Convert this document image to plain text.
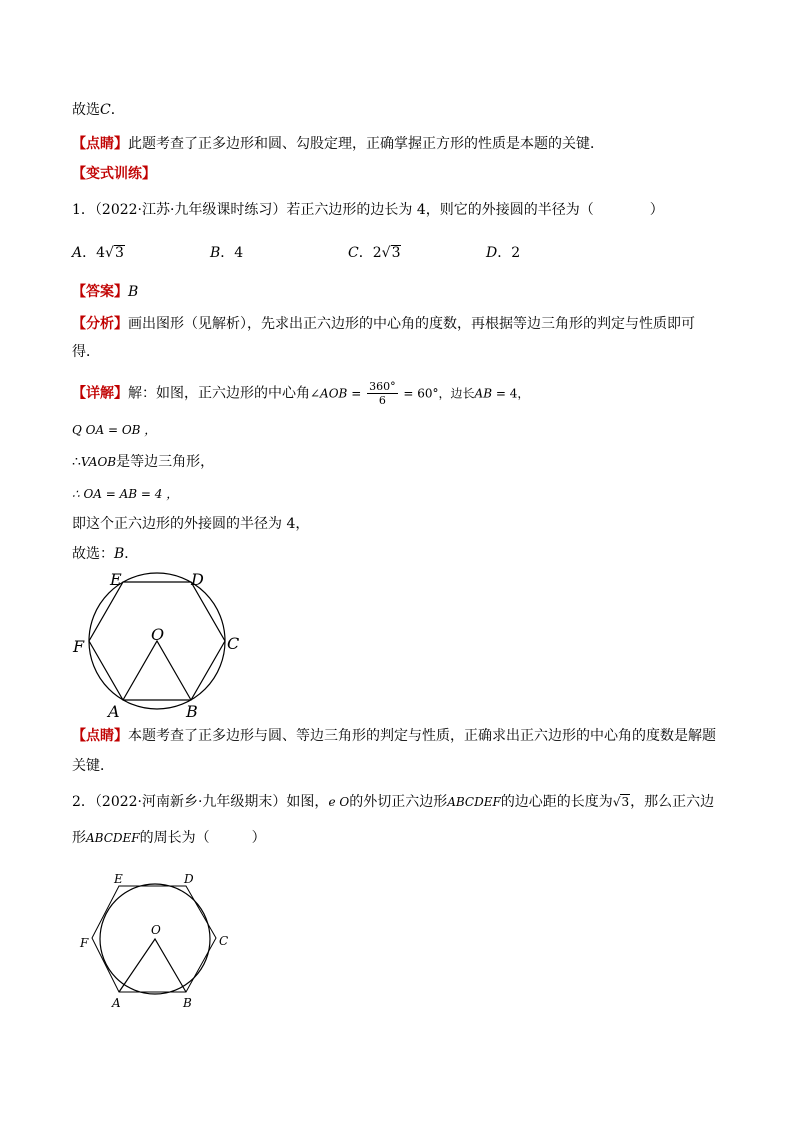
故选C．
【点睛】此题考查了正多边形和圆、勾股定理，正确掌握正方形的性质是本题的关键．
【变式训练】
1．（2022·江苏·九年级课时练习）若正六边形的边长为 4，则它的外接圆的半径为（　　　　）
A．4√3	B．4	C．2√3	D．2
【答案】B
【分析】画出图形（见解析），先求出正六边形的中心角的度数，再根据等边三角形的判定与性质即可
得．
【详解】解：如图，正六边形的中心角∠AOB = $\frac{360^\circ}{6} = 60^\circ$，边长AB = 4，
Q OA = OB ，
∴VAOB是等边三角形，
∴ OA = AB = 4 ，
即这个正六边形的外接圆的半径为 4，
故选：B．
E	D
F	C
O
A	B
【点睛】本题考查了正多边形与圆、等边三角形的判定与性质，正确求出正六边形的中心角的度数是解题
关键．
2．（2022·河南新乡·九年级期末）如图，e O的外切正六边形ABCDEF的边心距的长度为√3，那么正六边
形ABCDEF的周长为（　　　）
E	D
F	C
O
A	B
